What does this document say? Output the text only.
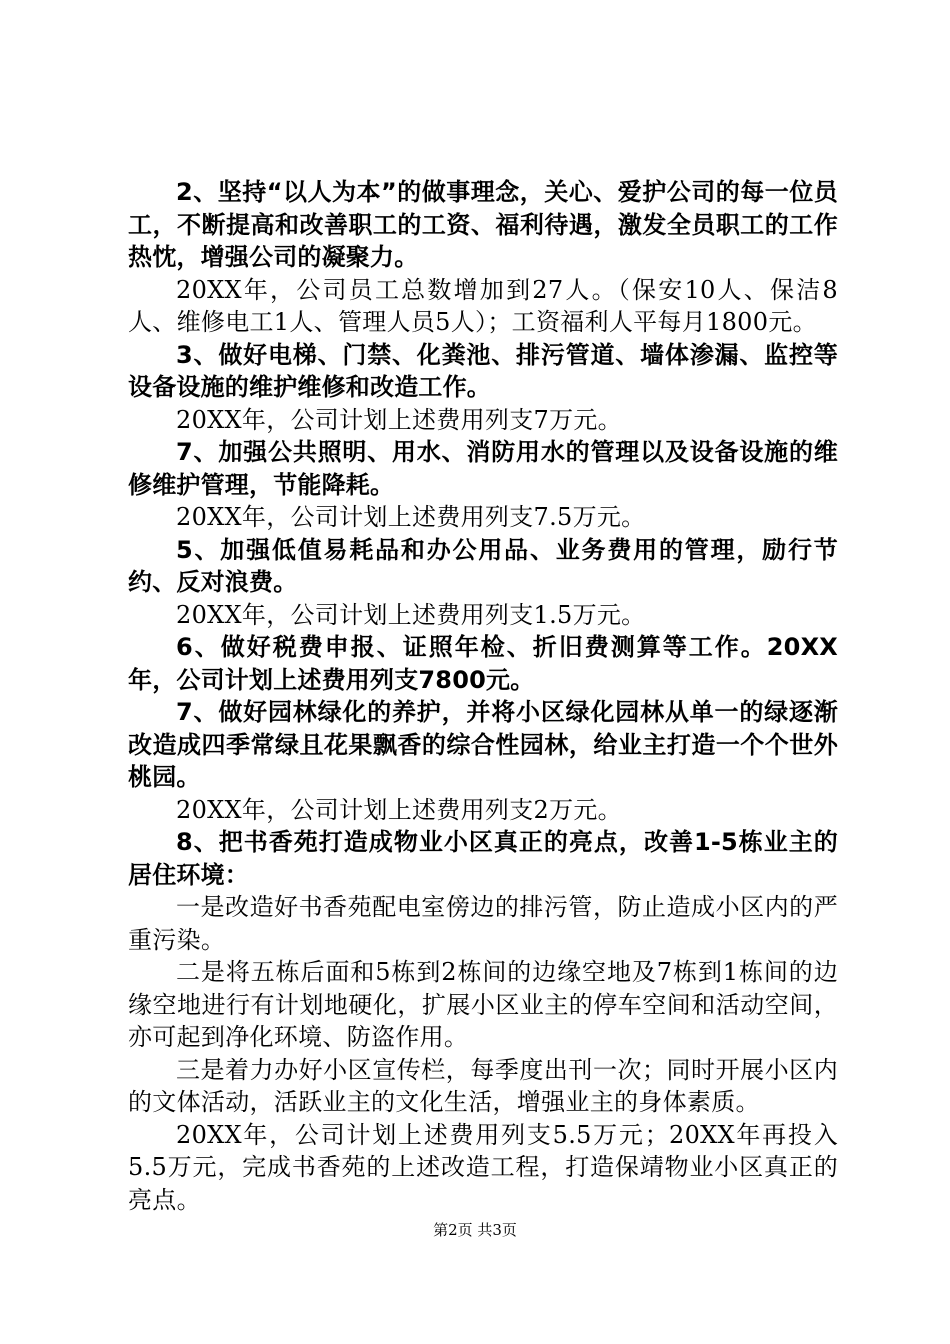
2、坚持“以人为本”的做事理念，关心、爱护公司的每一位员工，不断提高和改善职工的工资、福利待遇，激发全员职工的工作热忱，增强公司的凝聚力。

20XX年，公司员工总数增加到27人。（保安10人、保洁8人、维修电工1人、管理人员5人）；工资福利人平每月1800元。

3、做好电梯、门禁、化粪池、排污管道、墙体渗漏、监控等设备设施的维护维修和改造工作。

20XX年，公司计划上述费用列支7万元。

7、加强公共照明、用水、消防用水的管理以及设备设施的维修维护管理，节能降耗。

20XX年，公司计划上述费用列支7.5万元。

5、加强低值易耗品和办公用品、业务费用的管理，励行节约、反对浪费。

20XX年，公司计划上述费用列支1.5万元。

6、做好税费申报、证照年检、折旧费测算等工作。20XX年，公司计划上述费用列支7800元。

7、做好园林绿化的养护，并将小区绿化园林从单一的绿逐渐改造成四季常绿且花果飘香的综合性园林，给业主打造一个个世外桃园。

20XX年，公司计划上述费用列支2万元。

8、把书香苑打造成物业小区真正的亮点，改善1-5栋业主的居住环境：

一是改造好书香苑配电室傍边的排污管，防止造成小区内的严重污染。

二是将五栋后面和5栋到2栋间的边缘空地及7栋到1栋间的边缘空地进行有计划地硬化，扩展小区业主的停车空间和活动空间，亦可起到净化环境、防盗作用。

三是着力办好小区宣传栏，每季度出刊一次；同时开展小区内的文体活动，活跃业主的文化生活，增强业主的身体素质。

20XX年，公司计划上述费用列支5.5万元；20XX年再投入5.5万元，完成书香苑的上述改造工程，打造保靖物业小区真正的亮点。

第2页 共3页
